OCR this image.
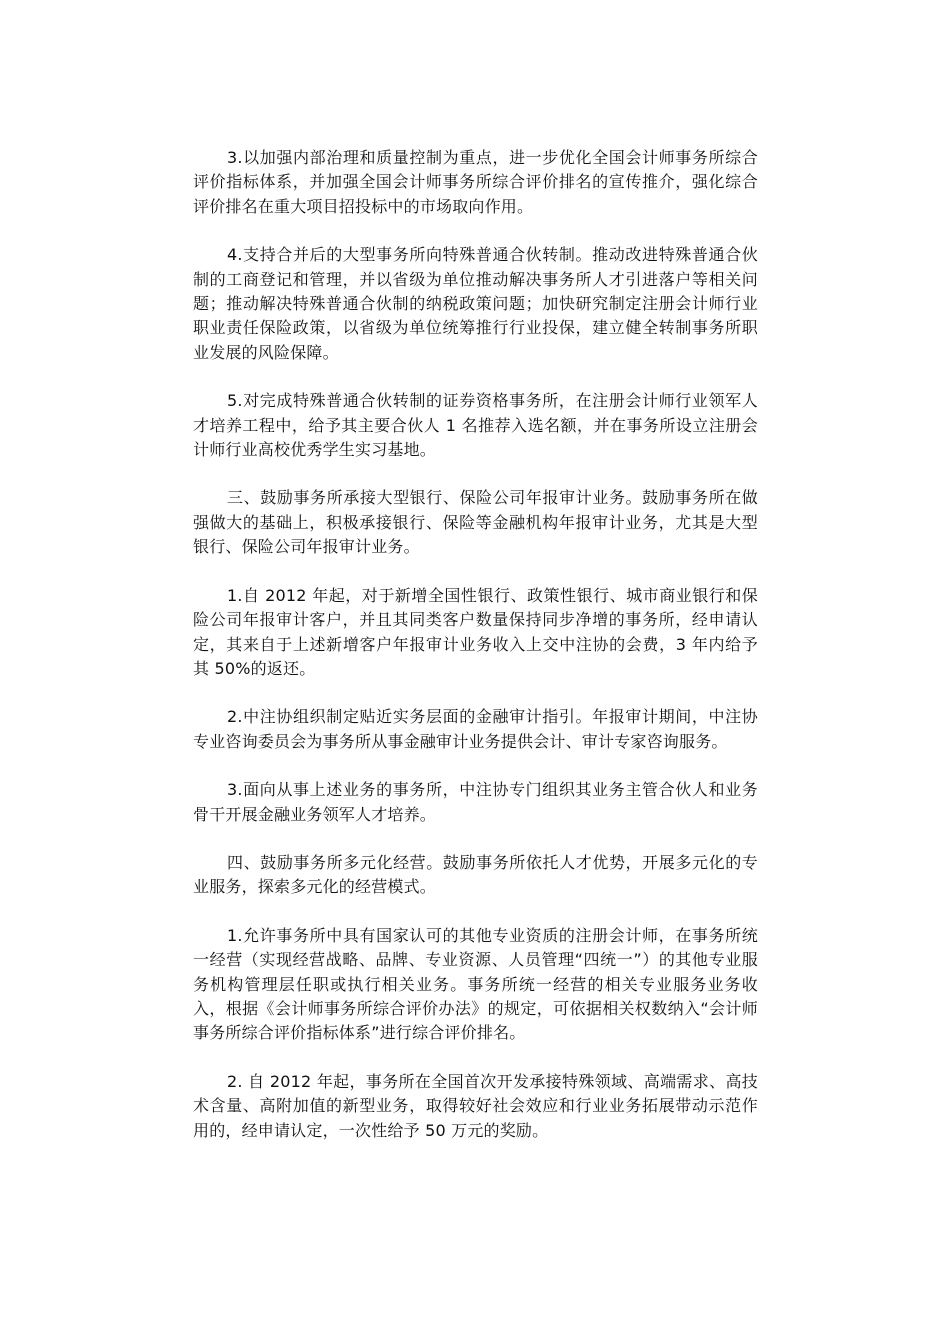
3.以加强内部治理和质量控制为重点，进一步优化全国会计师事务所综合评价指标体系，并加强全国会计师事务所综合评价排名的宣传推介，强化综合评价排名在重大项目招投标中的市场取向作用。

4.支持合并后的大型事务所向特殊普通合伙转制。推动改进特殊普通合伙制的工商登记和管理，并以省级为单位推动解决事务所人才引进落户等相关问题；推动解决特殊普通合伙制的纳税政策问题；加快研究制定注册会计师行业职业责任保险政策，以省级为单位统筹推行行业投保，建立健全转制事务所职业发展的风险保障。

5.对完成特殊普通合伙转制的证券资格事务所，在注册会计师行业领军人才培养工程中，给予其主要合伙人 1 名推荐入选名额，并在事务所设立注册会计师行业高校优秀学生实习基地。

三、鼓励事务所承接大型银行、保险公司年报审计业务。鼓励事务所在做强做大的基础上，积极承接银行、保险等金融机构年报审计业务，尤其是大型银行、保险公司年报审计业务。

1.自 2012 年起，对于新增全国性银行、政策性银行、城市商业银行和保险公司年报审计客户，并且其同类客户数量保持同步净增的事务所，经申请认定，其来自于上述新增客户年报审计业务收入上交中注协的会费，3 年内给予其 50%的返还。

2.中注协组织制定贴近实务层面的金融审计指引。年报审计期间，中注协专业咨询委员会为事务所从事金融审计业务提供会计、审计专家咨询服务。

3.面向从事上述业务的事务所，中注协专门组织其业务主管合伙人和业务骨干开展金融业务领军人才培养。

四、鼓励事务所多元化经营。鼓励事务所依托人才优势，开展多元化的专业服务，探索多元化的经营模式。

1.允许事务所中具有国家认可的其他专业资质的注册会计师，在事务所统一经营（实现经营战略、品牌、专业资源、人员管理“四统一”）的其他专业服务机构管理层任职或执行相关业务。事务所统一经营的相关专业服务业务收入，根据《会计师事务所综合评价办法》的规定，可依据相关权数纳入“会计师事务所综合评价指标体系”进行综合评价排名。

2. 自 2012 年起，事务所在全国首次开发承接特殊领域、高端需求、高技术含量、高附加值的新型业务，取得较好社会效应和行业业务拓展带动示范作用的，经申请认定，一次性给予 50 万元的奖励。
